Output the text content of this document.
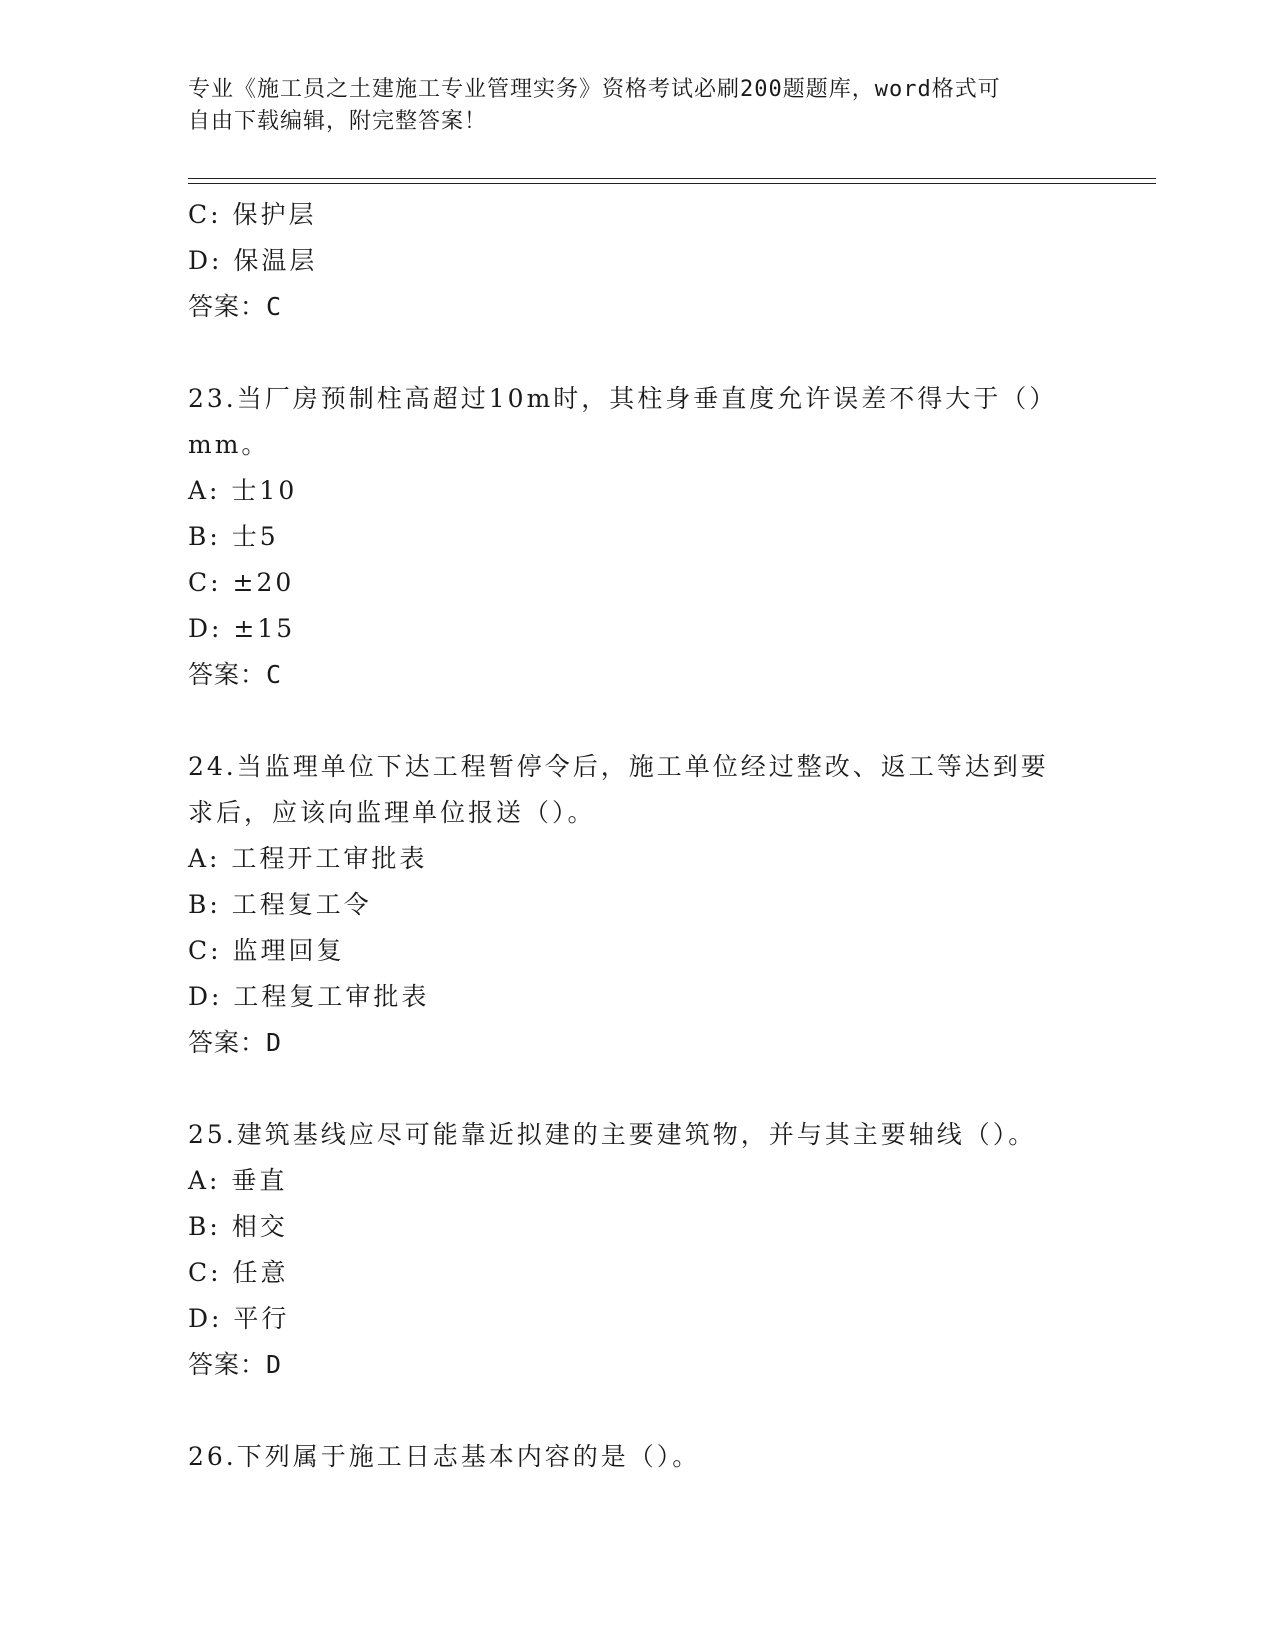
专业《施工员之土建施工专业管理实务》资格考试必刷200题题库，word格式可
自由下载编辑，附完整答案！
C: 保护层
D: 保温层
答案：C
23.当厂房预制柱高超过10m时，其柱身垂直度允许误差不得大于（）
mm。
A: 士10
B: 士5
C: ±20
D: ±15
答案：C
24.当监理单位下达工程暂停令后，施工单位经过整改、返工等达到要
求后，应该向监理单位报送（）。
A: 工程开工审批表
B: 工程复工令
C: 监理回复
D: 工程复工审批表
答案：D
25.建筑基线应尽可能靠近拟建的主要建筑物，并与其主要轴线（）。
A: 垂直
B: 相交
C: 任意
D: 平行
答案：D
26.下列属于施工日志基本内容的是（）。
